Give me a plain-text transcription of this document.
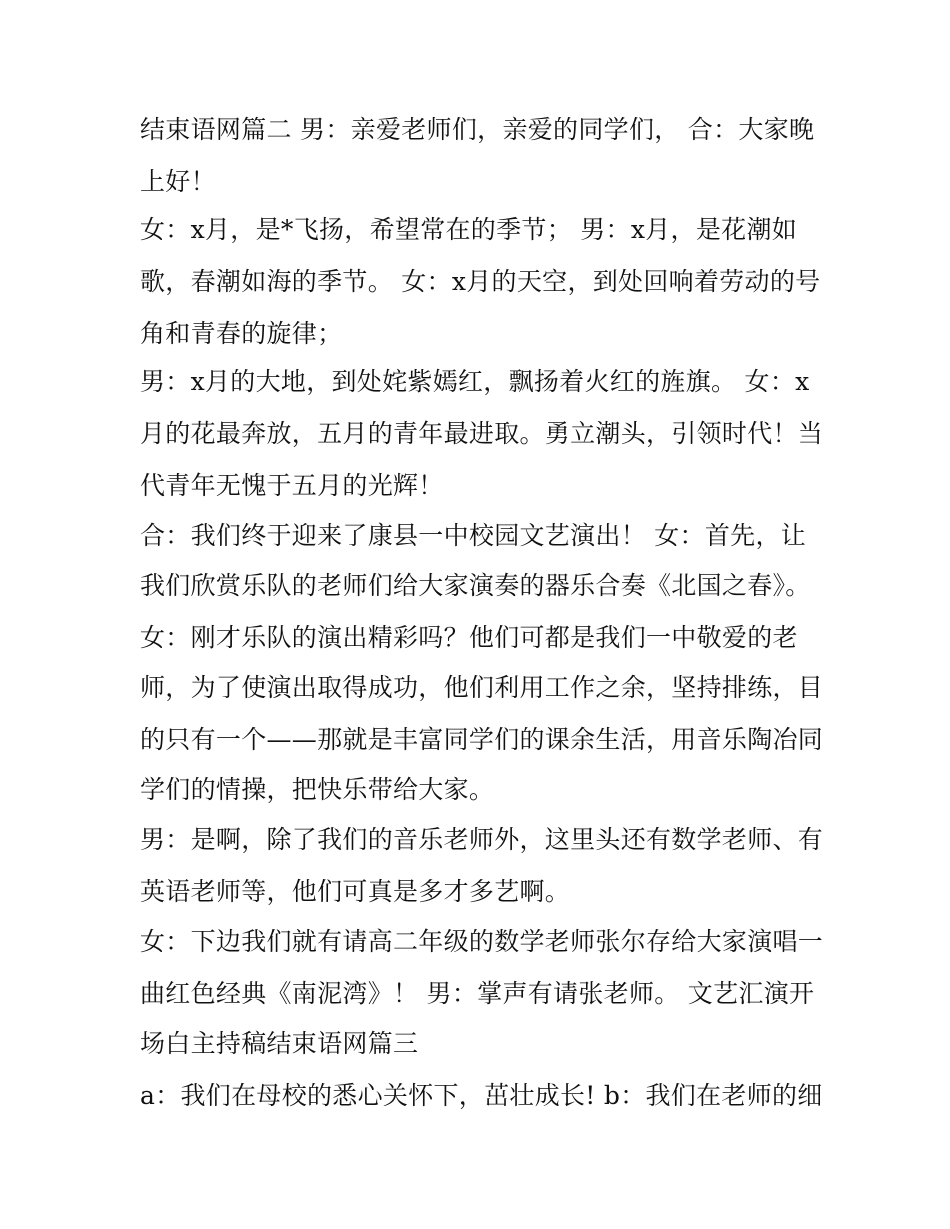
结束语网篇二 男：亲爱老师们，亲爱的同学们， 合：大家晚
上好！
女：x月，是*飞扬，希望常在的季节； 男：x月，是花潮如
歌，春潮如海的季节。 女：x月的天空，到处回响着劳动的号
角和青春的旋律；
男：x月的大地，到处姹紫嫣红，飘扬着火红的旌旗。 女：x
月的花最奔放，五月的青年最进取。勇立潮头，引领时代！当
代青年无愧于五月的光辉！
合：我们终于迎来了康县一中校园文艺演出！ 女：首先，让
我们欣赏乐队的老师们给大家演奏的器乐合奏《北国之春》。
女：刚才乐队的演出精彩吗？他们可都是我们一中敬爱的老
师，为了使演出取得成功，他们利用工作之余，坚持排练，目
的只有一个——那就是丰富同学们的课余生活，用音乐陶冶同
学们的情操，把快乐带给大家。
男：是啊，除了我们的音乐老师外，这里头还有数学老师、有
英语老师等，他们可真是多才多艺啊。
女：下边我们就有请高二年级的数学老师张尔存给大家演唱一
曲红色经典《南泥湾》！ 男：掌声有请张老师。 文艺汇演开
场白主持稿结束语网篇三
a：我们在母校的悉心关怀下，茁壮成长! b：我们在老师的细
